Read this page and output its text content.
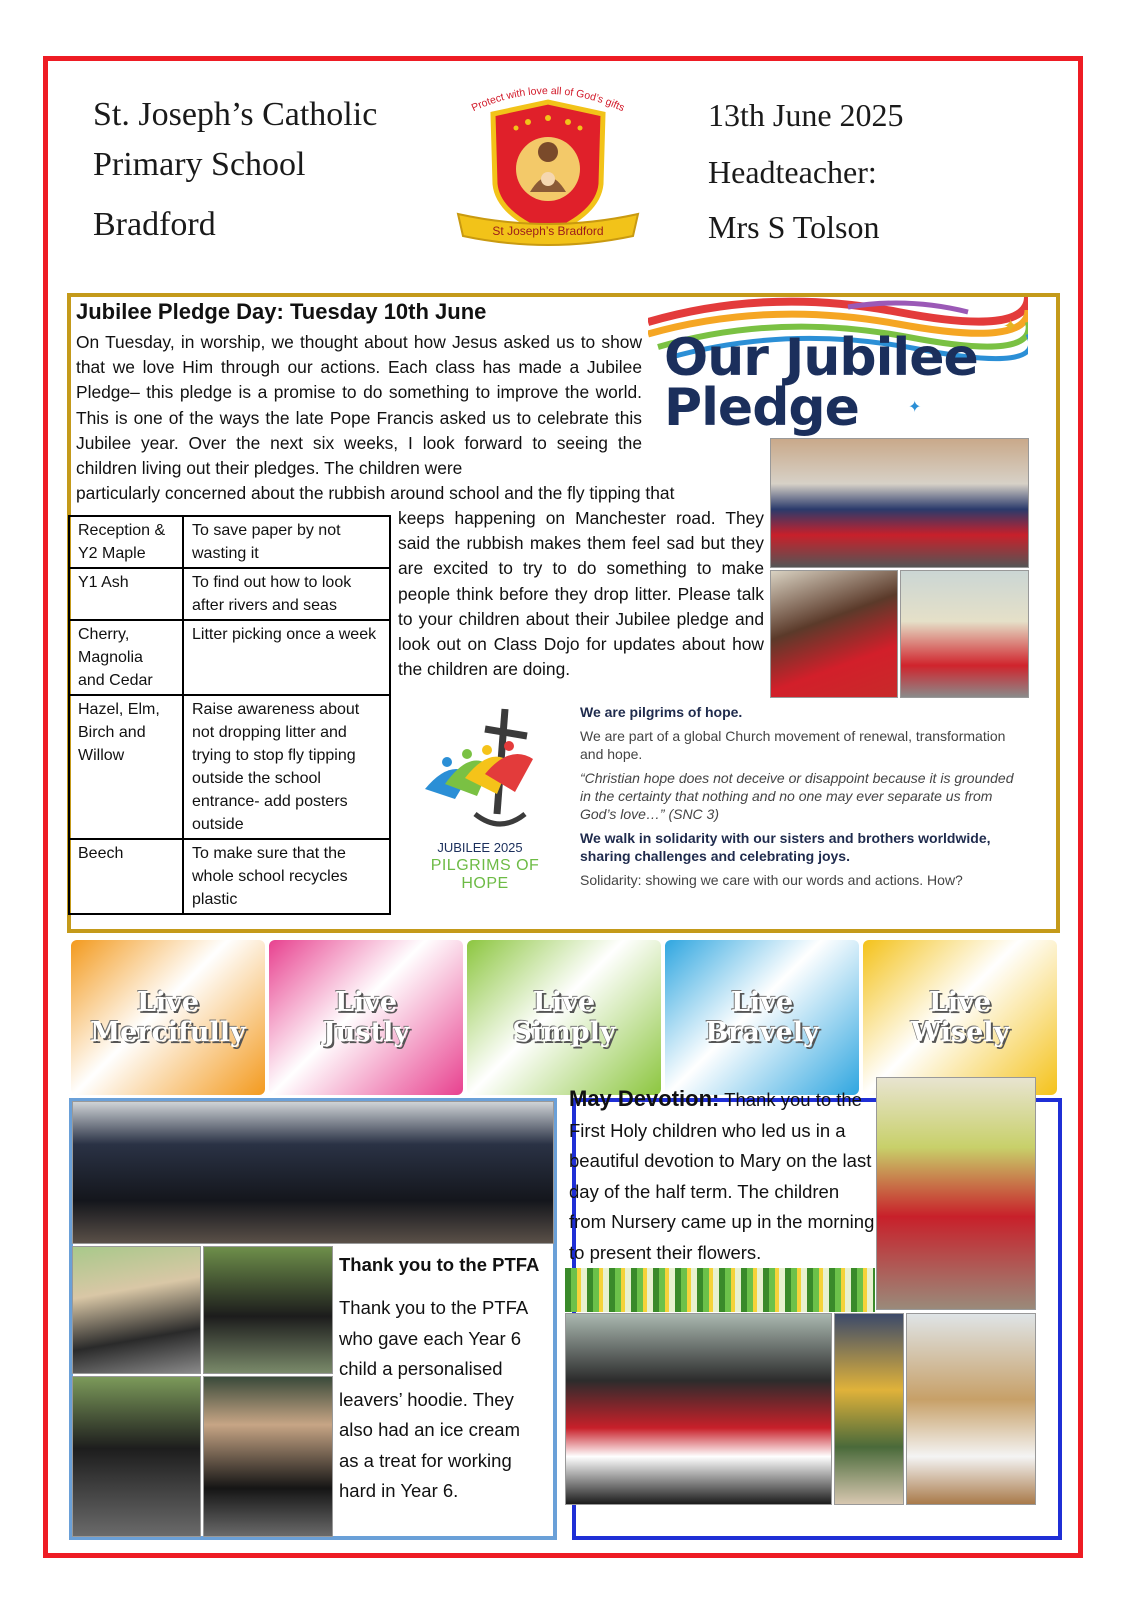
St. Joseph’s Catholic
Primary School
Bradford
Protect with love all of God’s gifts
St Joseph’s Bradford
13th June 2025
Headteacher:
Mrs S Tolson
Jubilee Pledge Day: Tuesday 10th June
On Tuesday, in worship, we thought about how Jesus asked us to show that we love Him through our actions. Each class has made a Jubilee Pledge– this pledge is a promise to do something to improve the world. This is one of the ways the late Pope Francis asked us to celebrate this Jubilee year. Over the next six weeks, I look forward to seeing the children living out their pledges. The children were
particularly concerned about the rubbish around school and the fly tipping that
keeps happening on Manchester road. They said the rubbish makes them feel sad but they are excited to try to do something to make people think before they drop litter. Please talk to your children about their Jubilee pledge and look out on Class Dojo for updates about how the children are doing.
✦
✦
Our Jubilee
Pledge
Reception & Y2 Maple	To save paper by not wasting it
Y1 Ash	To find out how to look after rivers and seas
Cherry, Magnolia and Cedar	Litter picking once a week
Hazel, Elm, Birch and Willow	Raise awareness about not dropping litter and trying to stop fly tipping outside the school entrance- add posters outside
Beech	To make sure that the whole school recycles plastic
JUBILEE 2025
PILGRIMS OF HOPE
We are pilgrims of hope.
We are part of a global Church movement of renewal, transformation and hope.
“Christian hope does not deceive or disappoint because it is grounded in the certainty that nothing and no one may ever separate us from God’s love…” (SNC 3)
We walk in solidarity with our sisters and brothers worldwide, sharing challenges and celebrating joys.
Solidarity: showing we care with our words and actions. How?
Live
Mercifully
Live
Justly
Live
Simply
Live
Bravely
Live
Wisely
Thank you to the PTFA
Thank you to the PTFA who gave each Year 6 child a personalised leavers’ hoodie. They also had an ice cream as a treat for working hard in Year 6.
May Devotion: Thank you to the First Holy children who led us in a beautiful devotion to Mary on the last day of the half term. The children from Nursery came up in the morning to present their flowers.
